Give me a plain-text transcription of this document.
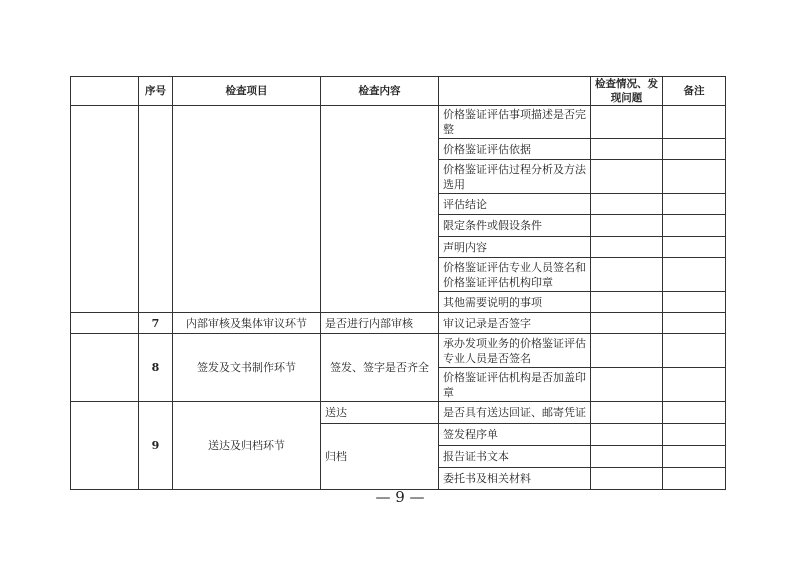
	序号	检查项目	检查内容		检查情况、发现问题	备注
				价格鉴证评估事项描述是否完整		
				价格鉴证评估依据		
				价格鉴证评估过程分析及方法选用		
				评估结论		
				限定条件或假设条件		
				声明内容		
				价格鉴证评估专业人员签名和价格鉴证评估机构印章		
				其他需要说明的事项		
	7	内部审核及集体审议环节	是否进行内部审核	审议记录是否签字		
	8	签发及文书制作环节	签发、签字是否齐全	承办发项业务的价格鉴证评估专业人员是否签名		
				价格鉴证评估机构是否加盖印章		
	9	送达及归档环节	送达	是否具有送达回证、邮寄凭证		
			归档	签发程序单		
				报告证书文本		
				委托书及相关材料		
— 9 —
